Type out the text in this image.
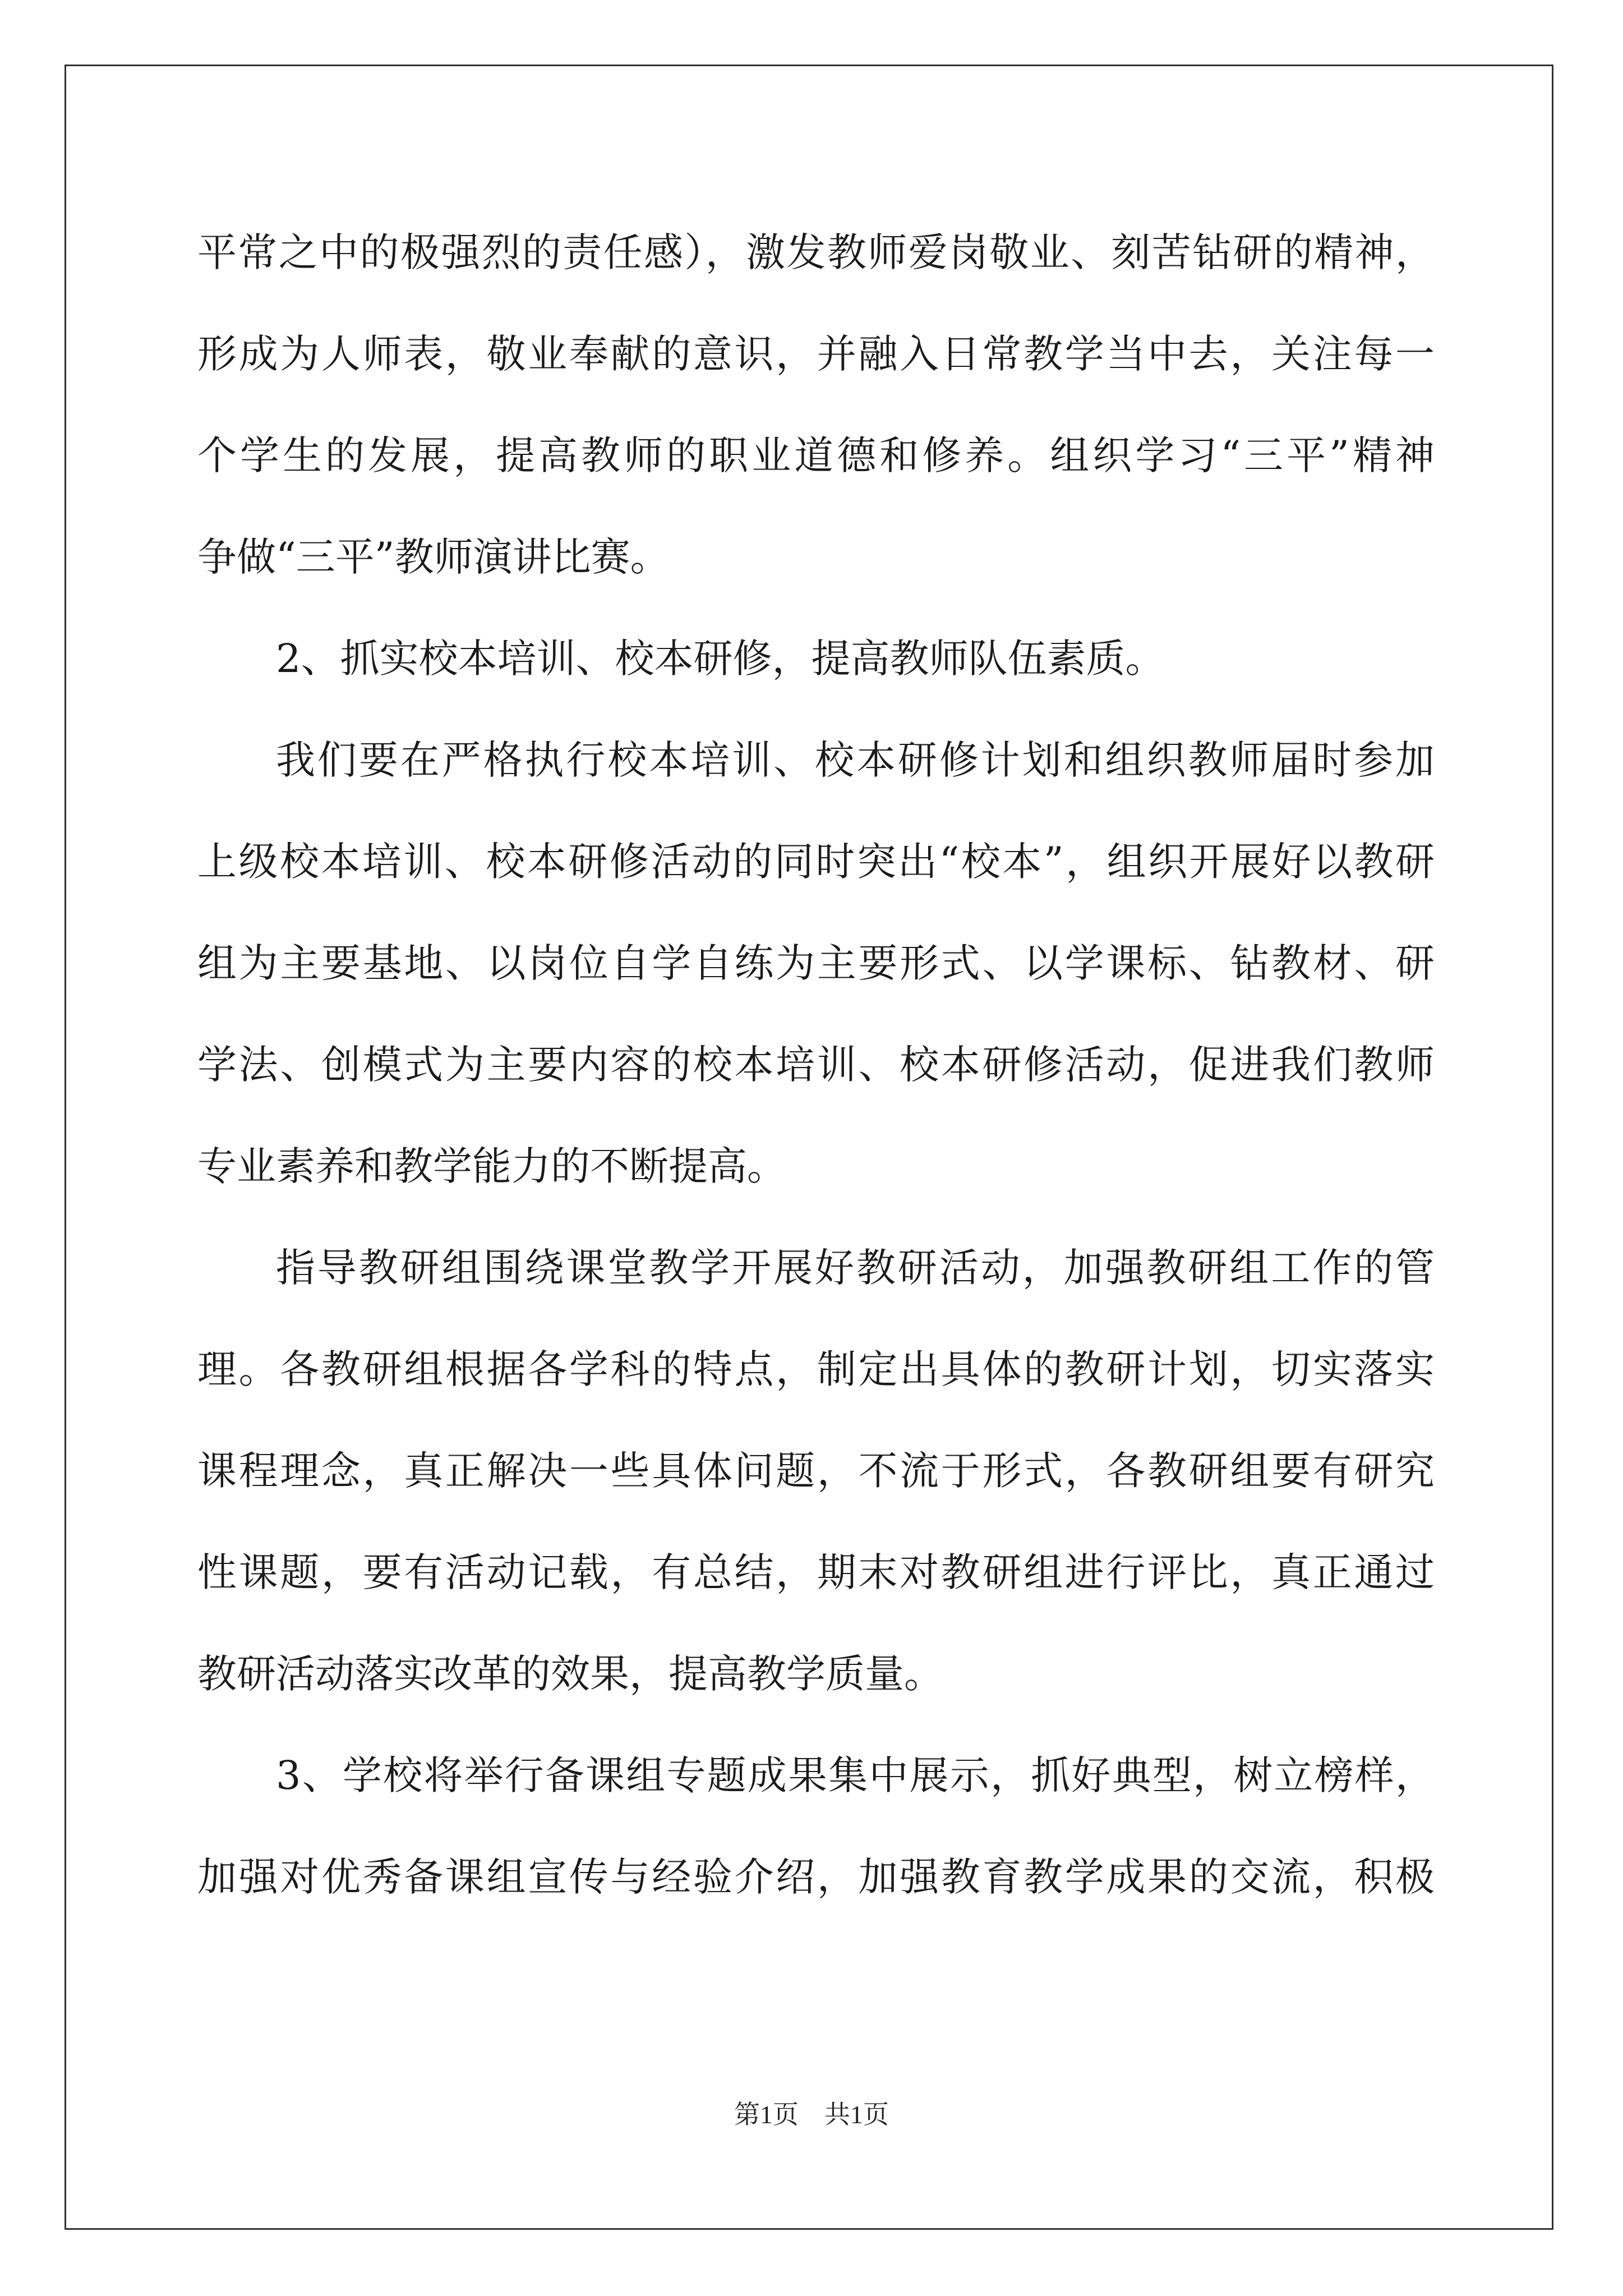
平常之中的极强烈的责任感），激发教师爱岗敬业、刻苦钻研的精神，
形成为人师表，敬业奉献的意识，并融入日常教学当中去，关注每一
个学生的发展，提高教师的职业道德和修养。组织学习“三平”精神
争做“三平”教师演讲比赛。
2、抓实校本培训、校本研修，提高教师队伍素质。
我们要在严格执行校本培训、校本研修计划和组织教师届时参加
上级校本培训、校本研修活动的同时突出“校本”，组织开展好以教研
组为主要基地、以岗位自学自练为主要形式、以学课标、钻教材、研
学法、创模式为主要内容的校本培训、校本研修活动，促进我们教师
专业素养和教学能力的不断提高。
指导教研组围绕课堂教学开展好教研活动，加强教研组工作的管
理。各教研组根据各学科的特点，制定出具体的教研计划，切实落实
课程理念，真正解决一些具体问题，不流于形式，各教研组要有研究
性课题，要有活动记载，有总结，期末对教研组进行评比，真正通过
教研活动落实改革的效果，提高教学质量。
3、学校将举行备课组专题成果集中展示，抓好典型，树立榜样，
加强对优秀备课组宣传与经验介绍，加强教育教学成果的交流，积极
第1页　共1页
